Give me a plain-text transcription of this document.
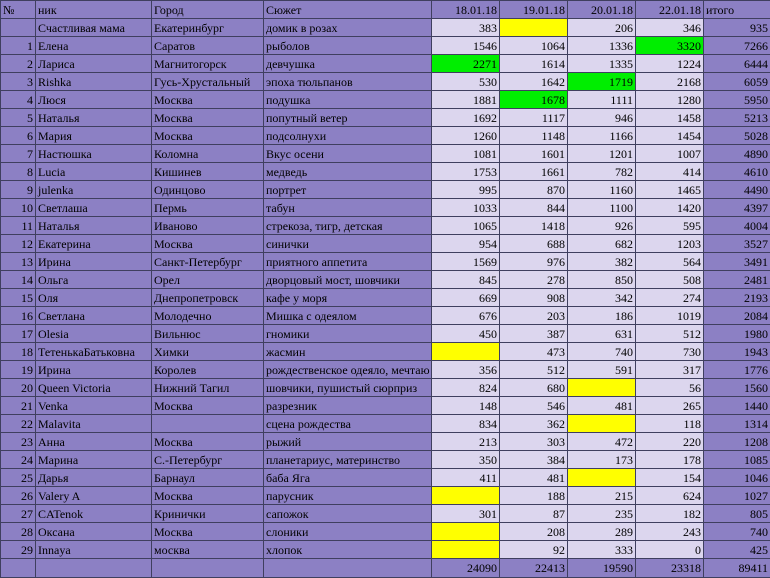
№	ник	Город	Сюжет	18.01.18	19.01.18	20.01.18	22.01.18	итого
	Счастливая мама	Екатеринбург	домик в розах	383		206	346	935
1	Елена	Саратов	рыболов	1546	1064	1336	3320	7266
2	Лариса	Магнитогорск	девчушка	2271	1614	1335	1224	6444
3	Rishka	Гусь-Хрустальный	эпоха тюльпанов	530	1642	1719	2168	6059
4	Люся	Москва	подушка	1881	1678	1111	1280	5950
5	Наталья	Москва	попутный ветер	1692	1117	946	1458	5213
6	Мария	Москва	подсолнухи	1260	1148	1166	1454	5028
7	Настюшка	Коломна	Вкус осени	1081	1601	1201	1007	4890
8	Lucia	Кишинев	медведь	1753	1661	782	414	4610
9	julenka	Одинцово	портрет	995	870	1160	1465	4490
10	Светлаша	Пермь	табун	1033	844	1100	1420	4397
11	Наталья	Иваново	стрекоза, тигр, детская	1065	1418	926	595	4004
12	Екатерина	Москва	синички	954	688	682	1203	3527
13	Ирина	Санкт-Петербург	приятного аппетита	1569	976	382	564	3491
14	Ольга	Орел	дворцовый мост, шовчики	845	278	850	508	2481
15	Оля	Днепропетровск	кафе у моря	669	908	342	274	2193
16	Светлана	Молодечно	Мишка с одеялом	676	203	186	1019	2084
17	Olesia	Вильнюс	гномики	450	387	631	512	1980
18	ТетенькаБатьковна	Химки	жасмин		473	740	730	1943
19	Ирина	Королев	рождественское одеяло, мечтаю	356	512	591	317	1776
20	Queen Victoria	Нижний Тагил	шовчики, пушистый сюрприз	824	680		56	1560
21	Venka	Москва	разрезник	148	546	481	265	1440
22	Malavita		сцена рождества	834	362		118	1314
23	Анна	Москва	рыжий	213	303	472	220	1208
24	Марина	С.-Петербург	планетариус, материнство	350	384	173	178	1085
25	Дарья	Барнаул	баба Яга	411	481		154	1046
26	Valery A	Москва	парусник		188	215	624	1027
27	CATenok	Кринички	сапожок	301	87	235	182	805
28	Оксана	Москва	слоники		208	289	243	740
29	Innaya	москва	хлопок		92	333	0	425
				24090	22413	19590	23318	89411
